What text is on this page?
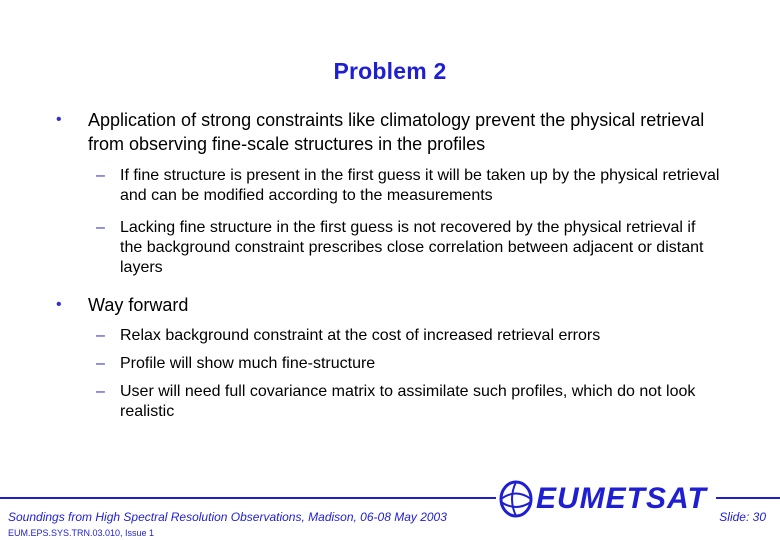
Problem 2
• Application of strong constraints like climatology prevent the physical retrieval from observing fine-scale structures in the profiles
– If fine structure is present in the first guess it will be taken up by the physical retrieval and can be modified according to the measurements
– Lacking fine structure in the first guess is not recovered by the physical retrieval if the background constraint prescribes close correlation between adjacent or distant layers
• Way forward
– Relax background constraint at the cost of increased retrieval errors
– Profile will show much fine-structure
– User will need full covariance matrix to assimilate such profiles, which do not look realistic
EUMETSAT
Soundings from High Spectral Resolution Observations, Madison, 06-08 May 2003
EUM.EPS.SYS.TRN.03.010, Issue 1
Slide: 30
